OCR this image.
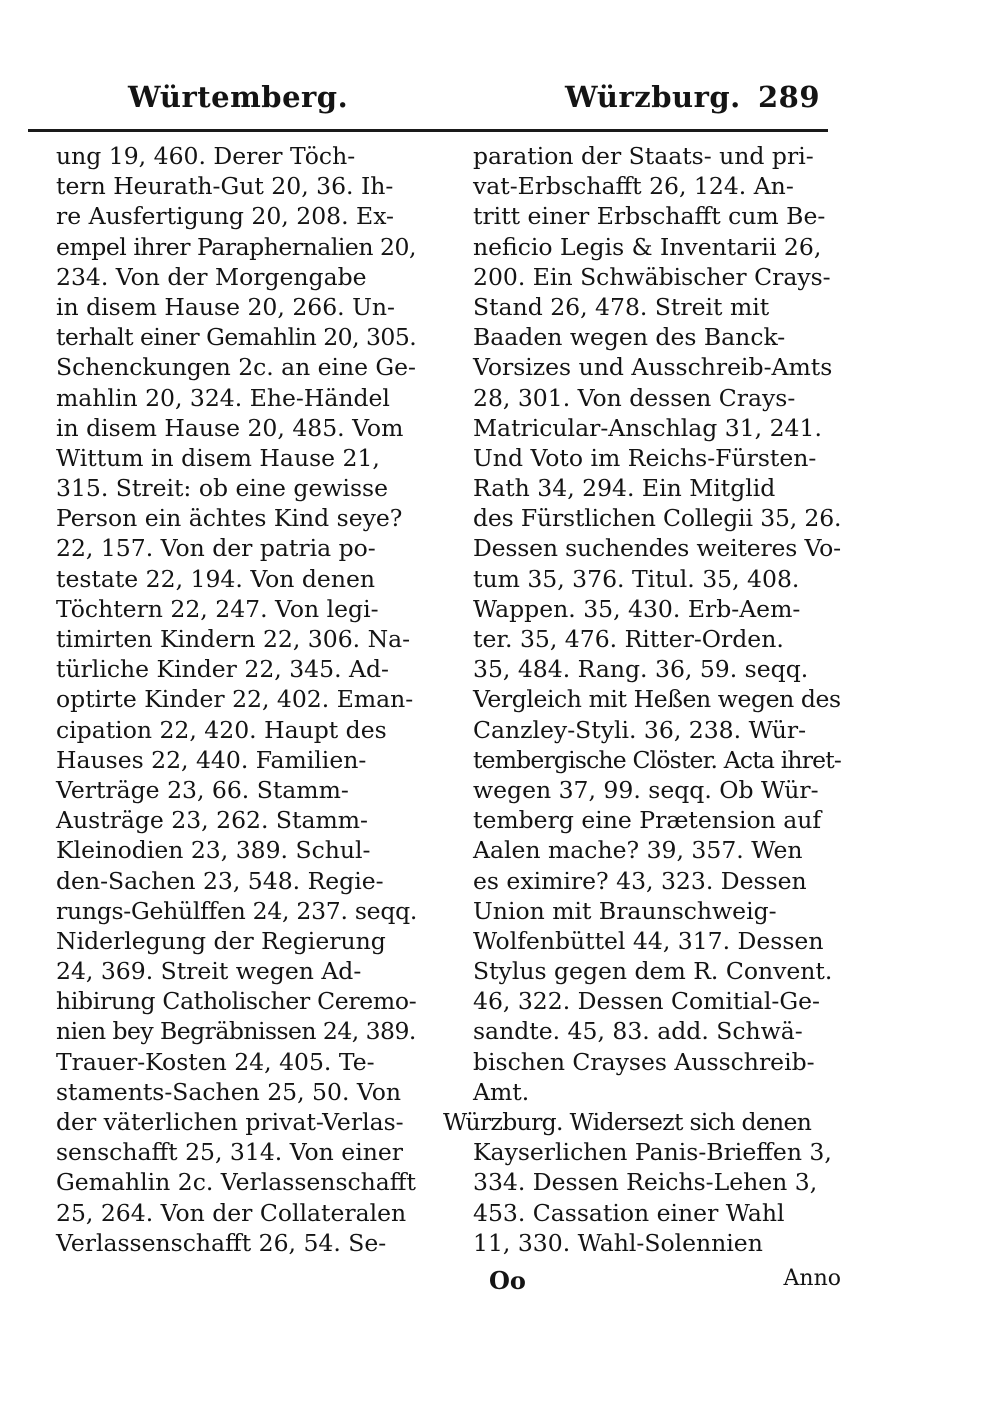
Würtemberg.	Würzburg. 289
ung 19, 460. Derer Töch-
tern Heurath-Gut 20, 36. Ih-
re Ausfertigung 20, 208. Ex-
empel ihrer Paraphernalien 20,
234. Von der Morgengabe
in disem Hause 20, 266. Un-
terhalt einer Gemahlin 20, 305.
Schenckungen 2c. an eine Ge-
mahlin 20, 324. Ehe-Händel
in disem Hause 20, 485. Vom
Wittum in disem Hause 21,
315. Streit: ob eine gewisse
Person ein ächtes Kind seye?
22, 157. Von der patria po-
testate 22, 194. Von denen
Töchtern 22, 247. Von legi-
timirten Kindern 22, 306. Na-
türliche Kinder 22, 345. Ad-
optirte Kinder 22, 402. Eman-
cipation 22, 420. Haupt des
Hauses 22, 440. Familien-
Verträge 23, 66. Stamm-
Austräge 23, 262. Stamm-
Kleinodien 23, 389. Schul-
den-Sachen 23, 548. Regie-
rungs-Gehülffen 24, 237. seqq.
Niderlegung der Regierung
24, 369. Streit wegen Ad-
hibirung Catholischer Ceremo-
nien bey Begräbnissen 24, 389.
Trauer-Kosten 24, 405. Te-
staments-Sachen 25, 50. Von
der väterlichen privat-Verlas-
senschafft 25, 314. Von einer
Gemahlin 2c. Verlassenschafft
25, 264. Von der Collateralen
Verlassenschafft 26, 54. Se-
paration der Staats- und pri-
vat-Erbschafft 26, 124. An-
tritt einer Erbschafft cum Be-
neficio Legis & Inventarii 26,
200. Ein Schwäbischer Crays-
Stand 26, 478. Streit mit
Baaden wegen des Banck-
Vorsizes und Ausschreib-Amts
28, 301. Von dessen Crays-
Matricular-Anschlag 31, 241.
Und Voto im Reichs-Fürsten-
Rath 34, 294. Ein Mitglid
des Fürstlichen Collegii 35, 26.
Dessen suchendes weiteres Vo-
tum 35, 376. Titul. 35, 408.
Wappen. 35, 430. Erb-Aem-
ter. 35, 476. Ritter-Orden.
35, 484. Rang. 36, 59. seqq.
Vergleich mit Heßen wegen des
Canzley-Styli. 36, 238. Wür-
tembergische Clöster. Acta ihret-
wegen 37, 99. seqq. Ob Wür-
temberg eine Prætension auf
Aalen mache? 39, 357. Wen
es eximire? 43, 323. Dessen
Union mit Braunschweig-
Wolfenbüttel 44, 317. Dessen
Stylus gegen dem R. Convent.
46, 322. Dessen Comitial-Ge-
sandte. 45, 83. add. Schwä-
bischen Crayses Ausschreib-
Amt.
Würzburg. Widersezt sich denen
Kayserlichen Panis-Brieffen 3,
334. Dessen Reichs-Lehen 3,
453. Cassation einer Wahl
11, 330. Wahl-Solennien
Oo	Anno
